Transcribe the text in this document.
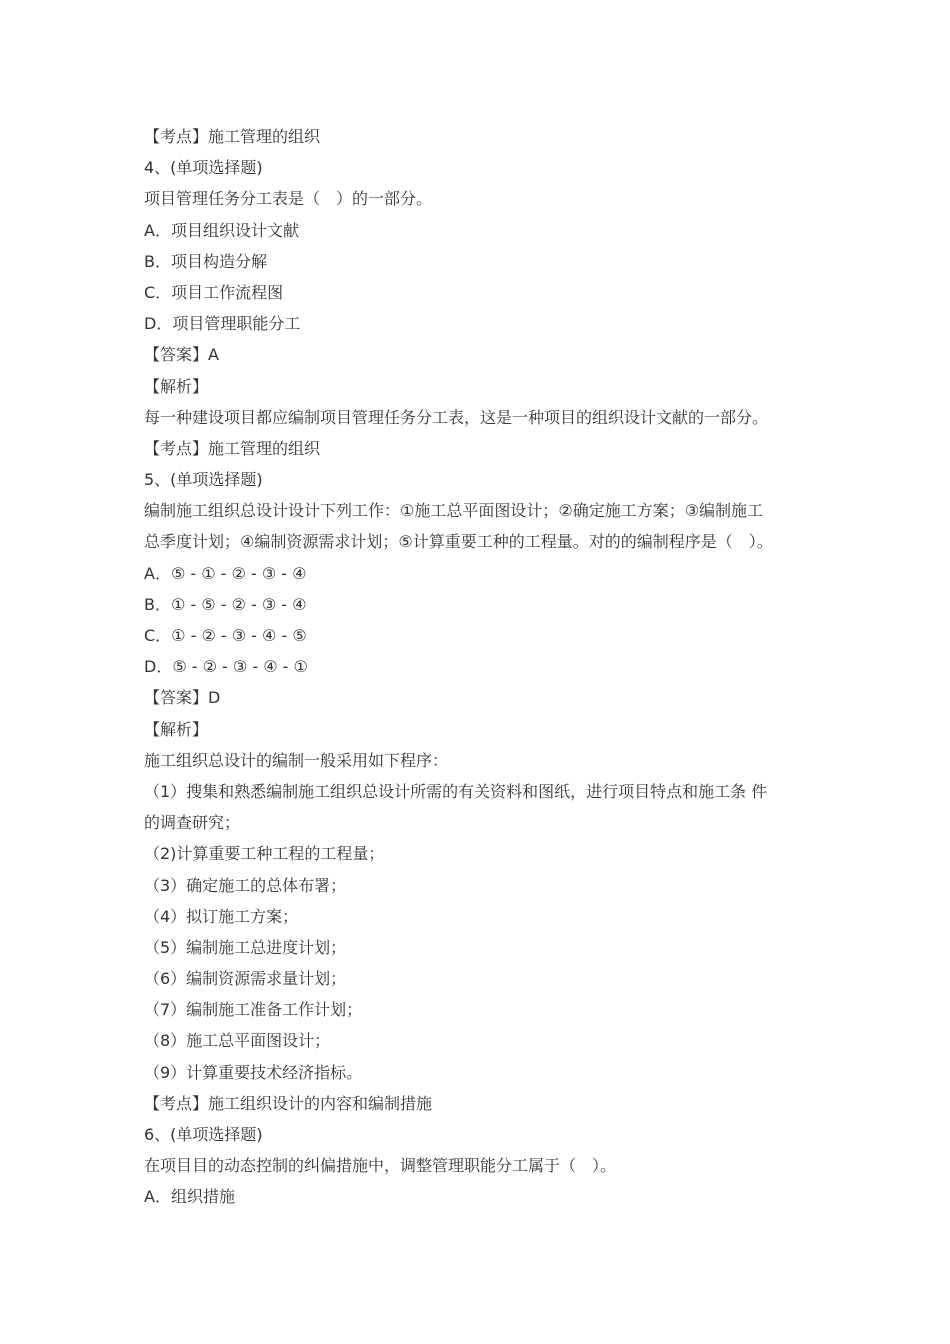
【考点】施工管理的组织
4、(单项选择题)
项目管理任务分工表是（　）的一部分。
A．项目组织设计文献
B．项目构造分解
C．项目工作流程图
D．项目管理职能分工
【答案】A
【解析】
每一种建设项目都应编制项目管理任务分工表，这是一种项目的组织设计文献的一部分。
【考点】施工管理的组织
5、(单项选择题)
编制施工组织总设计设计下列工作：①施工总平面图设计；②确定施工方案；③编制施工
总季度计划；④编制资源需求计划；⑤计算重要工种的工程量。对的的编制程序是（　）。
A．⑤ - ① - ② - ③ - ④
B．① - ⑤ - ② - ③ - ④
C．① - ② - ③ - ④ - ⑤
D．⑤ - ② - ③ - ④ - ①
【答案】D
【解析】
施工组织总设计的编制一般采用如下程序：
（1）搜集和熟悉编制施工组织总设计所需的有关资料和图纸，进行项目特点和施工条 件
的调查研究；
（2)计算重要工种工程的工程量；
（3）确定施工的总体布署；
（4）拟订施工方案；
（5）编制施工总进度计划；
（6）编制资源需求量计划；
（7）编制施工准备工作计划；
（8）施工总平面图设计；
（9）计算重要技术经济指标。
【考点】施工组织设计的内容和编制措施
6、(单项选择题)
在项目目的动态控制的纠偏措施中，调整管理职能分工属于（　）。
A．组织措施
